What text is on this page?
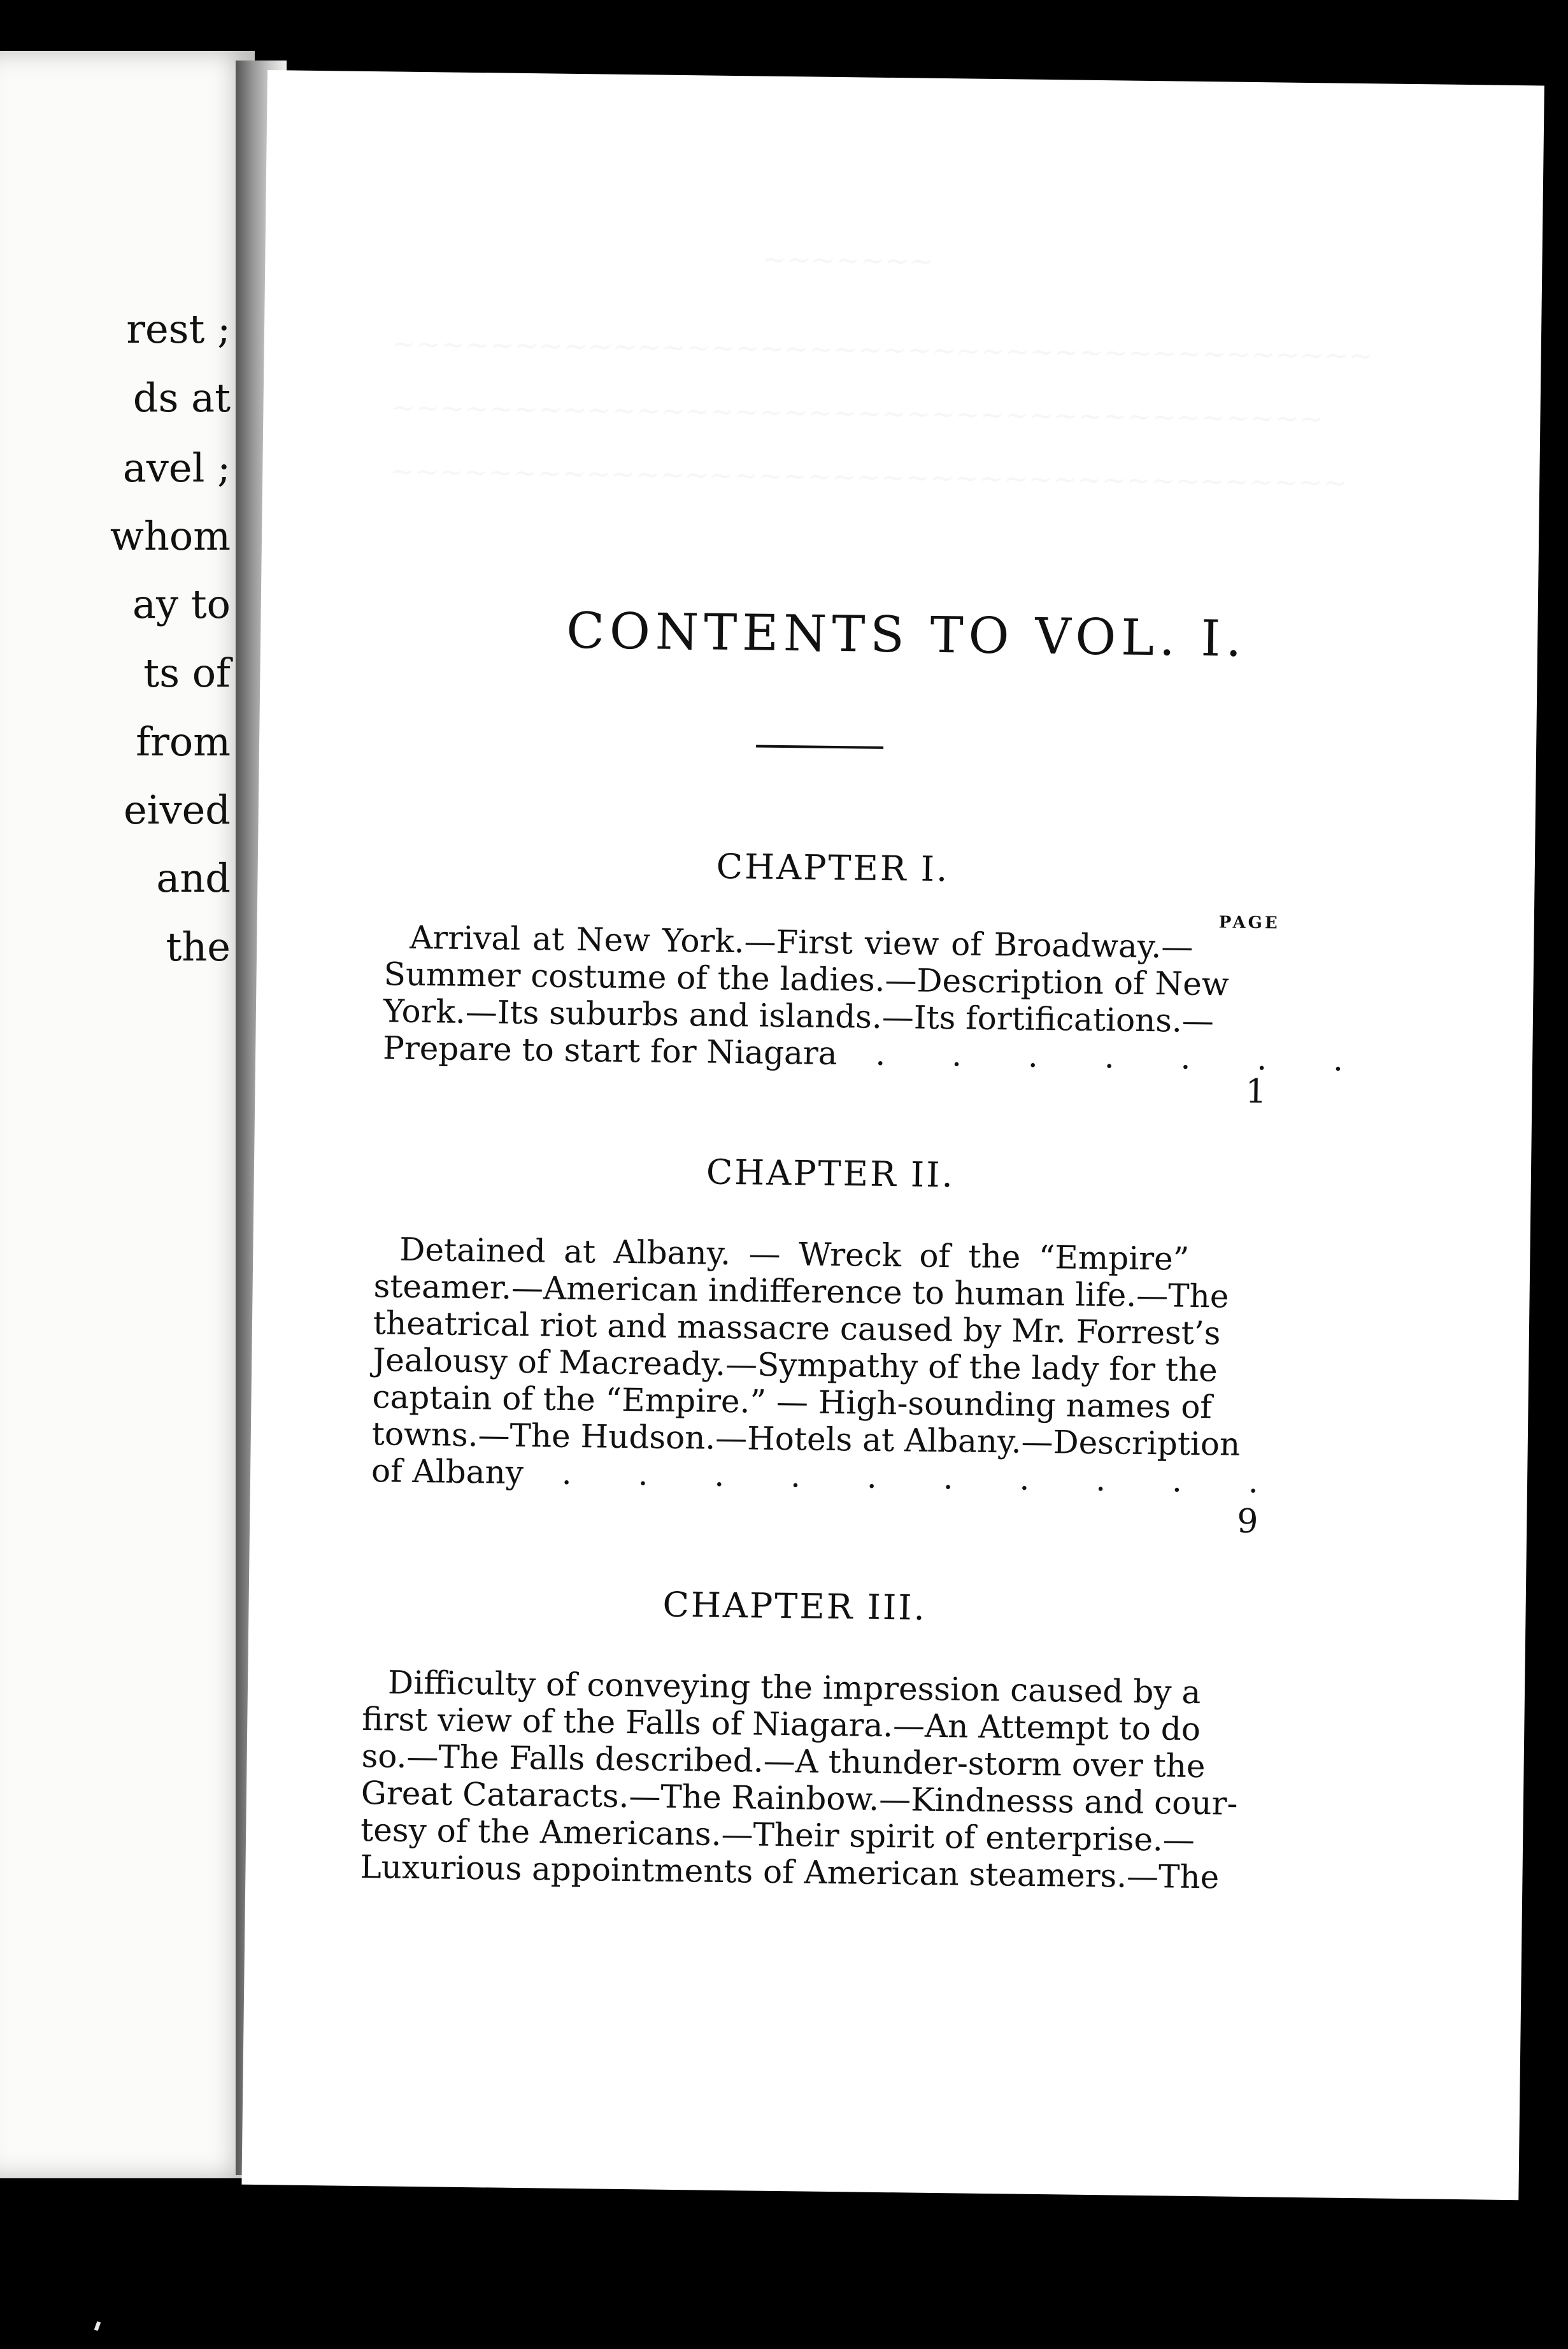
rest ;
ds at
avel ;
whom
ay to
ts of
from
eived
and
the
CONTENTS TO VOL. I.
CHAPTER I.
PAGE
Arrival at New York.—First view of Broadway.—
Summer costume of the ladies.—Description of New
York.—Its suburbs and islands.—Its fortifications.—
Prepare to start for Niagara . . . . . . .
1
CHAPTER II.
Detained at Albany. — Wreck of the “Empire”
steamer.—American indifference to human life.—The
theatrical riot and massacre caused by Mr. Forrest’s
Jealousy of Macready.—Sympathy of the lady for the
captain of the “Empire.” — High-sounding names of
towns.—The Hudson.—Hotels at Albany.—Description
of Albany . . . . . . . . . .
9
CHAPTER III.
Difficulty of conveying the impression caused by a
first view of the Falls of Niagara.—An Attempt to do
so.—The Falls described.—A thunder-storm over the
Great Cataracts.—The Rainbow.—Kindnesss and cour-
tesy of the Americans.—Their spirit of enterprise.—
Luxurious appointments of American steamers.—The
